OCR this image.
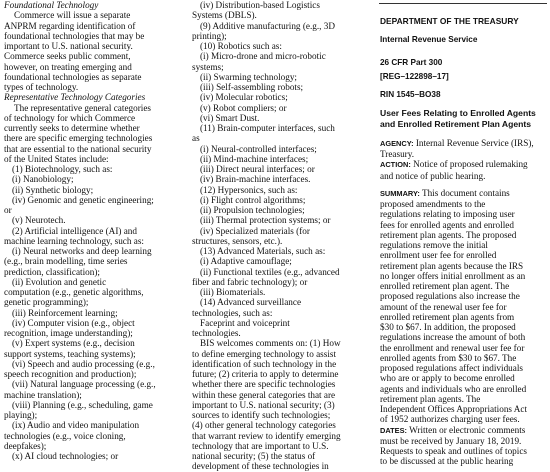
Foundational Technology
Commerce will issue a separate
ANPRM regarding identification of
foundational technologies that may be
important to U.S. national security.
Commerce seeks public comment,
however, on treating emerging and
foundational technologies as separate
types of technology.
Representative Technology Categories
The representative general categories
of technology for which Commerce
currently seeks to determine whether
there are specific emerging technologies
that are essential to the national security
of the United States include:
(1) Biotechnology, such as:
(i) Nanobiology;
(ii) Synthetic biology;
(iv) Genomic and genetic engineering;
or
(v) Neurotech.
(2) Artificial intelligence (AI) and
machine learning technology, such as:
(i) Neural networks and deep learning
(e.g., brain modelling, time series
prediction, classification);
(ii) Evolution and genetic
computation (e.g., genetic algorithms,
genetic programming);
(iii) Reinforcement learning;
(iv) Computer vision (e.g., object
recognition, image understanding);
(v) Expert systems (e.g., decision
support systems, teaching systems);
(vi) Speech and audio processing (e.g.,
speech recognition and production);
(vii) Natural language processing (e.g.,
machine translation);
(viii) Planning (e.g., scheduling, game
playing);
(ix) Audio and video manipulation
technologies (e.g., voice cloning,
deepfakes);
(x) AI cloud technologies; or
(iv) Distribution-based Logistics
Systems (DBLS).
(9) Additive manufacturing (e.g., 3D
printing);
(10) Robotics such as:
(i) Micro-drone and micro-robotic
systems;
(ii) Swarming technology;
(iii) Self-assembling robots;
(iv) Molecular robotics;
(v) Robot compliers; or
(vi) Smart Dust.
(11) Brain-computer interfaces, such
as
(i) Neural-controlled interfaces;
(ii) Mind-machine interfaces;
(iii) Direct neural interfaces; or
(iv) Brain-machine interfaces.
(12) Hypersonics, such as:
(i) Flight control algorithms;
(ii) Propulsion technologies;
(iii) Thermal protection systems; or
(iv) Specialized materials (for
structures, sensors, etc.).
(13) Advanced Materials, such as:
(i) Adaptive camouflage;
(ii) Functional textiles (e.g., advanced
fiber and fabric technology); or
(iii) Biomaterials.
(14) Advanced surveillance
technologies, such as:
Faceprint and voiceprint
technologies.
BIS welcomes comments on: (1) How
to define emerging technology to assist
identification of such technology in the
future; (2) criteria to apply to determine
whether there are specific technologies
within these general categories that are
important to U.S. national security; (3)
sources to identify such technologies;
(4) other general technology categories
that warrant review to identify emerging
technology that are important to U.S.
national security; (5) the status of
development of these technologies in
DEPARTMENT OF THE TREASURY
Internal Revenue Service
26 CFR Part 300
[REG–122898–17]
RIN 1545–BO38
User Fees Relating to Enrolled Agents
and Enrolled Retirement Plan Agents
AGENCY: Internal Revenue Service (IRS),
Treasury.
ACTION: Notice of proposed rulemaking
and notice of public hearing.
SUMMARY: This document contains
proposed amendments to the
regulations relating to imposing user
fees for enrolled agents and enrolled
retirement plan agents. The proposed
regulations remove the initial
enrollment user fee for enrolled
retirement plan agents because the IRS
no longer offers initial enrollment as an
enrolled retirement plan agent. The
proposed regulations also increase the
amount of the renewal user fee for
enrolled retirement plan agents from
$30 to $67. In addition, the proposed
regulations increase the amount of both
the enrollment and renewal user fee for
enrolled agents from $30 to $67. The
proposed regulations affect individuals
who are or apply to become enrolled
agents and individuals who are enrolled
retirement plan agents. The
Independent Offices Appropriations Act
of 1952 authorizes charging user fees.
DATES: Written or electronic comments
must be received by January 18, 2019.
Requests to speak and outlines of topics
to be discussed at the public hearing
